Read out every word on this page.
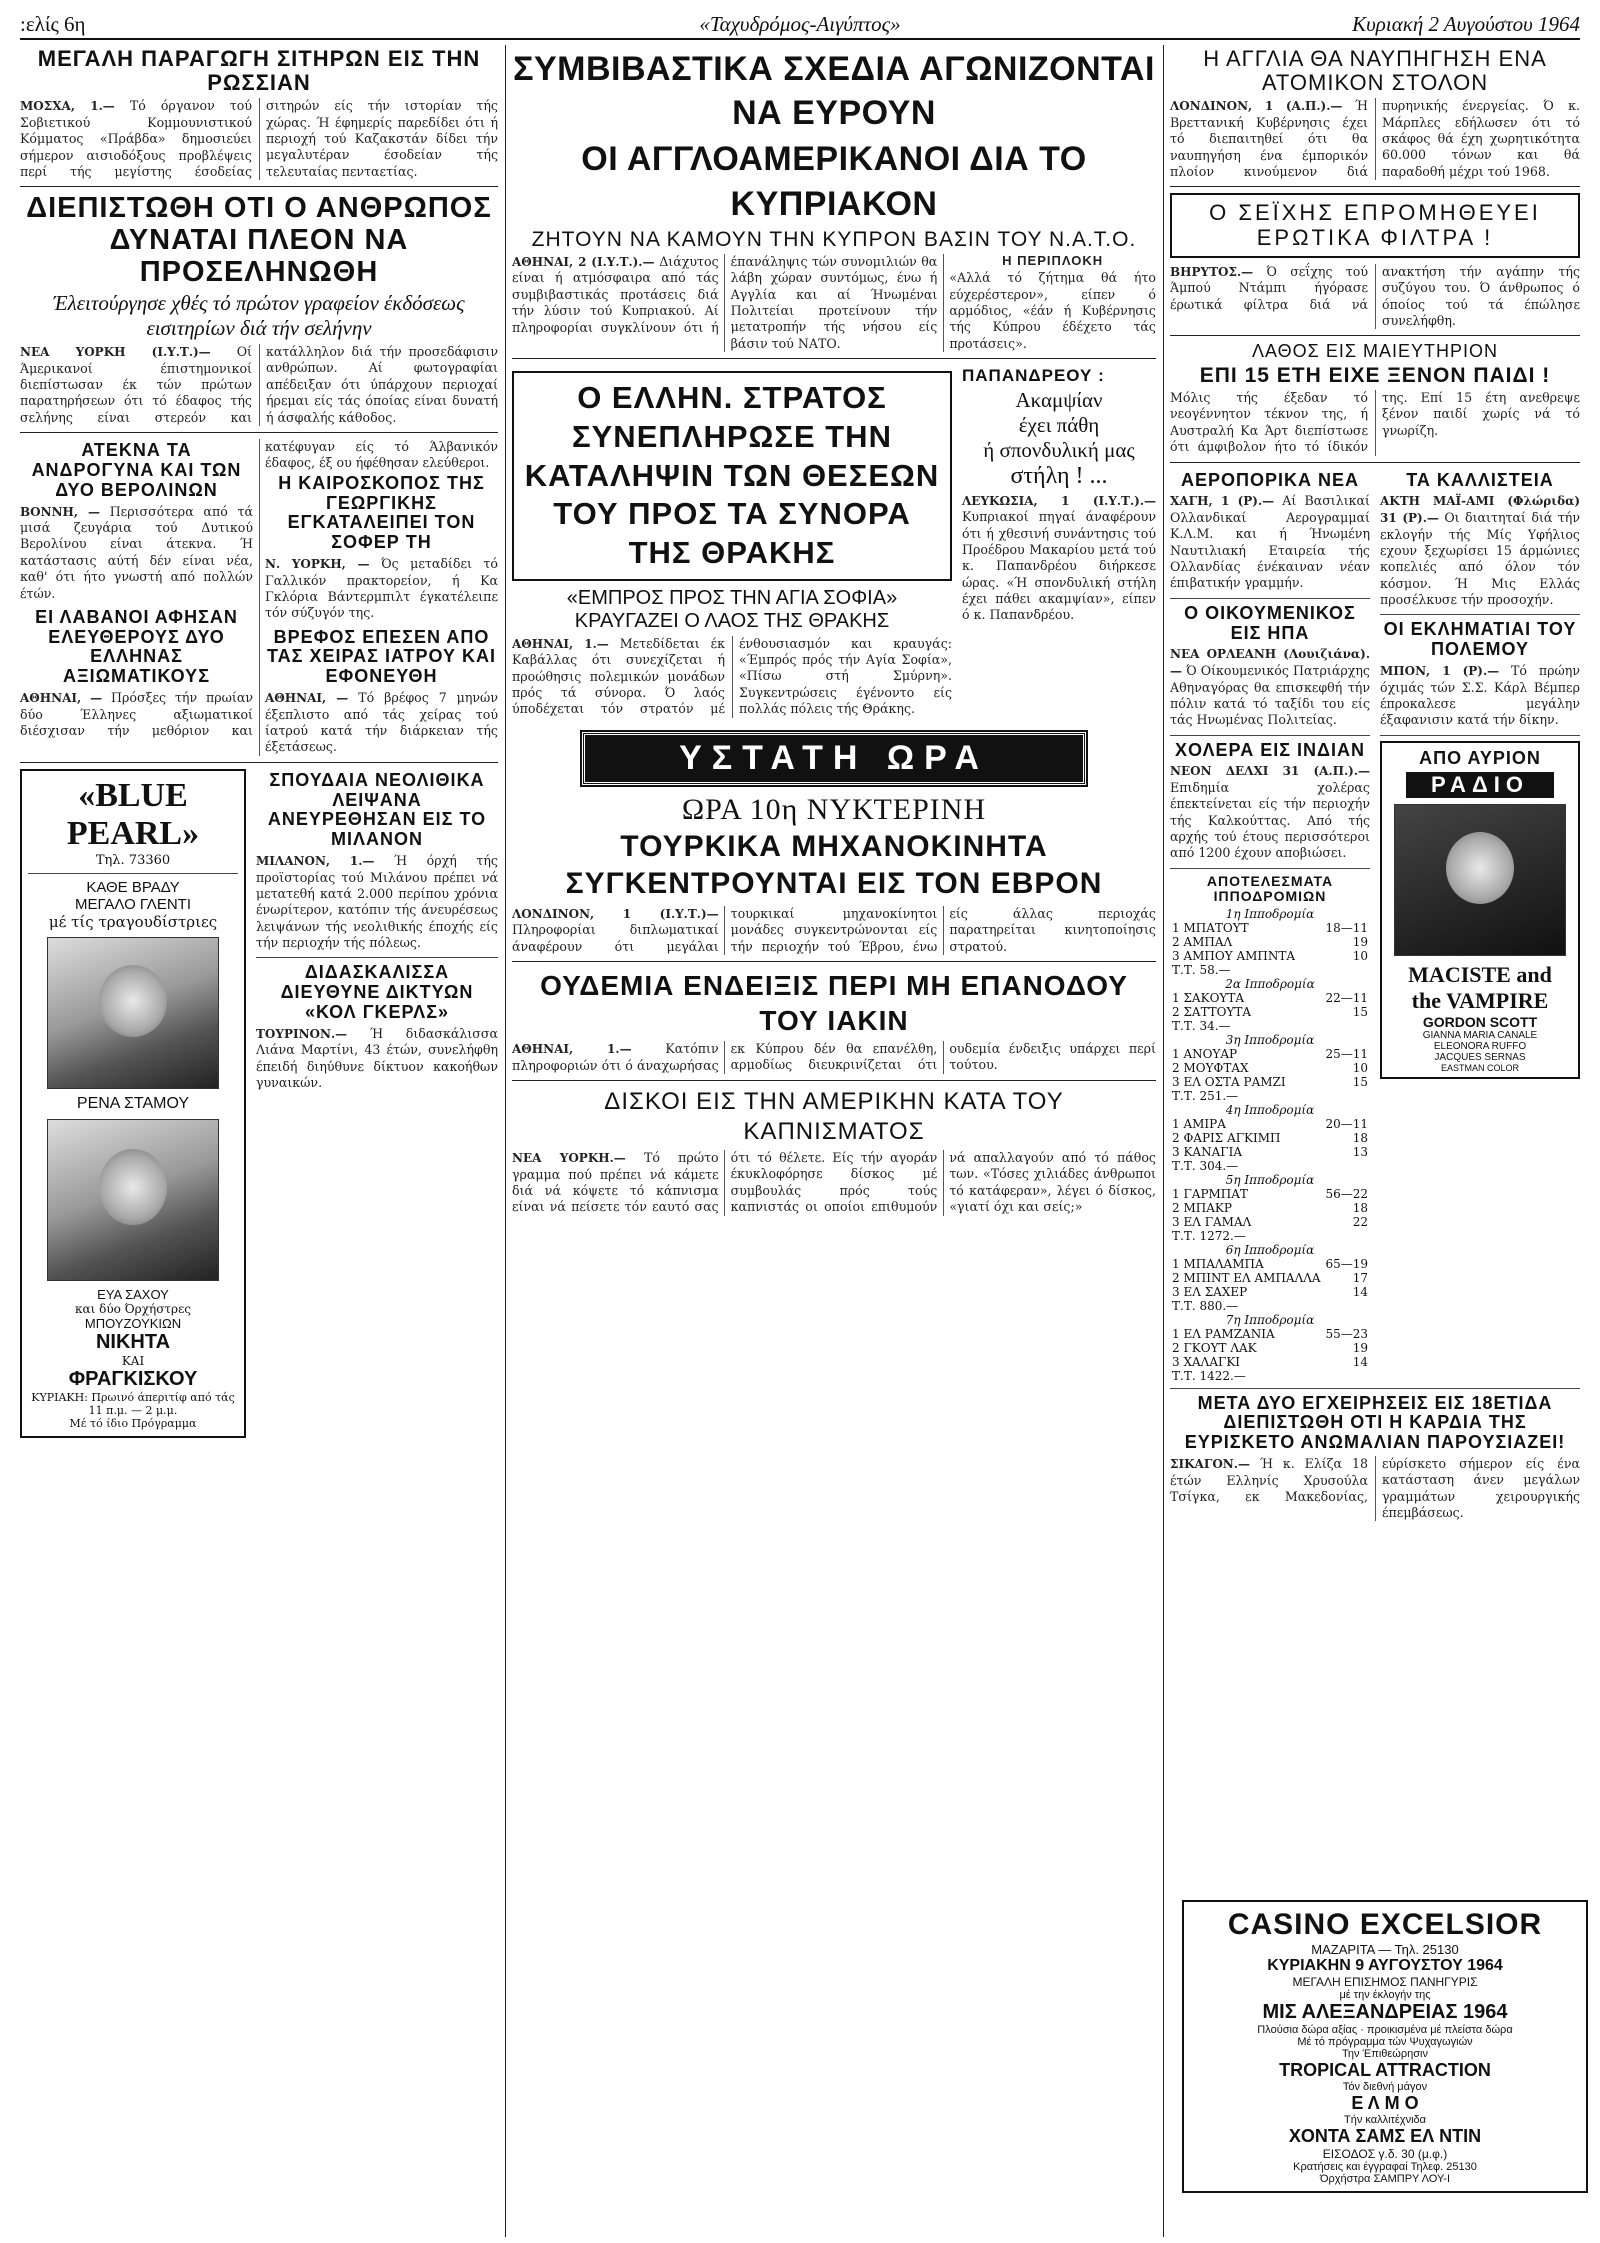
:ελίς 6η	«Ταχυδρόμος-Αιγύπτος»	Κυριακή 2 Αυγούστου 1964
ΜΕΓΑΛΗ ΠΑΡΑΓΩΓΗ ΣΙΤΗΡΩΝ ΕΙΣ ΤΗΝ ΡΩΣΣΙΑΝ
ΜΟΣΧΑ, 1.— Τό όργανον τού Σοβιετικού Κομμουνιστικού Κόμματος «Πράβδα» δημοσιεύει σήμερον αισιοδόξους προβλέψεις περί τής μεγίστης έσοδείας σιτηρών είς τήν ιστορίαν τής χώρας. Ή έφημερίς παρεδίδει ότι ή περιοχή τού Καζακστάν δίδει τήν μεγαλυτέραν έσοδείαν τής τελευταίας πενταετίας.
ΔΙΕΠΙΣΤΩΘΗ ΟΤΙ Ο ΑΝΘΡΩΠΟΣ ΔΥΝΑΤΑΙ ΠΛΕΟΝ ΝΑ ΠΡΟΣΕΛΗΝΩΘΗ
Έλειτούργησε χθές τό πρώτον γραφείον έκδόσεως εισιτηρίων διά τήν σελήνην
ΝΕΑ ΥΟΡΚΗ (Ι.Υ.Τ.)— Οί Άμερικανοί έπιστημονικοί διεπίστωσαν έκ τών πρώτων παρατηρήσεων ότι τό έδαφος τής σελήνης είναι στερεόν και κατάλληλον διά τήν προσεδάφισιν ανθρώπων. Αί φωτογραφίαι απέδειξαν ότι ύπάρχουν περιοχαί ήρεμαι είς τάς όποίας είναι δυνατή ή άσφαλής κάθοδος.
ΑΤΕΚΝΑ ΤΑ ΑΝΔΡΟΓΥΝΑ ΚΑΙ ΤΩΝ ΔΥΟ ΒΕΡΟΛΙΝΩΝ
ΒΟΝΝΗ, — Περισσότερα από τά μισά ζευγάρια τού Δυτικού Βερολίνου είναι άτεκνα. Ή κατάστασις αύτή δέν είναι νέα, καθ' ότι ήτο γνωστή από πολλών έτών.
ΕΙ ΛΑΒΑΝΟΙ ΑΦΗΣΑΝ ΕΛΕΥΘΕΡΟΥΣ ΔΥΟ ΕΛΛΗΝΑΣ ΑΞΙΩΜΑΤΙΚΟΥΣ
ΑΘΗΝΑΙ, — Πρόσξες τήν πρωίαν δύο Έλληνες αξιωματικοί διέσχισαν τήν μεθόριον και κατέφυγαν είς τό Άλβανικόν έδαφος, έξ ου ήφέθησαν ελεύθεροι.
Η ΚΑΙΡΟΣΚΟΠΟΣ ΤΗΣ ΓΕΩΡΓΙΚΗΣ ΕΓΚΑΤΑΛΕΙΠΕΙ ΤΟΝ ΣΟΦΕΡ ΤΗ
Ν. ΥΟΡΚΗ, — Ός μεταδίδει τό Γαλλικόν πρακτορείον, ή Κα Γκλόρια Βάντερμπιλτ έγκατέλειπε τόν σύζυγόν της.
ΒΡΕΦΟΣ ΕΠΕΣΕΝ ΑΠΟ ΤΑΣ ΧΕΙΡΑΣ ΙΑΤΡΟΥ ΚΑΙ ΕΦΟΝΕΥΘΗ
ΑΘΗΝΑΙ, — Τό βρέφος 7 μηνών έξεπλιστο από τάς χείρας τού ίατρού κατά τήν διάρκειαν τής έξετάσεως.
«BLUE PEARL»
Τηλ. 73360
ΚΑΘΕ ΒΡΑΔΥ
ΜΕΓΑΛΟ ΓΛΕΝΤΙ
μέ τίς τραγουδίστριες
ΡΕΝΑ ΣΤΑΜΟΥ
ΕΥΑ ΣΑΧΟΥ
και δύο Όρχήστρες
ΜΠΟΥΖΟΥΚΙΩΝ
ΝΙΚΗΤΑ
ΚΑΙ
ΦΡΑΓΚΙΣΚΟΥ
ΚΥΡΙΑΚΗ: Πρωινό άπεριτίφ από τάς 11 π.μ. — 2 μ.μ.
Μέ τό ίδιο Πρόγραμμα
ΣΠΟΥΔΑΙΑ ΝΕΟΛΙΘΙΚΑ ΛΕΙΨΑΝΑ ΑΝΕΥΡΕΘΗΣΑΝ ΕΙΣ ΤΟ ΜΙΛΑΝΟΝ
ΜΙΛΑΝΟΝ, 1.— Ή όρχή τής προϊστορίας τού Μιλάνου πρέπει νά μετατεθή κατά 2.000 περίπου χρόνια ένωρίτερον, κατόπιν τής άνευρέσεως λειψάνων τής νεολιθικής έποχής είς τήν περιοχήν τής πόλεως.
ΔΙΔΑΣΚΑΛΙΣΣΑ ΔΙΕΥΘΥΝΕ ΔΙΚΤΥΩΝ «ΚΟΛ ΓΚΕΡΛΣ»
ΤΟΥΡΙΝΟΝ.— Ή διδασκάλισσα Λιάνα Μαρτίνι, 43 έτών, συνελήφθη έπειδή διηύθυνε δίκτυον κακοήθων γυναικών.
ΣΥΜΒΙΒΑΣΤΙΚΑ ΣΧΕΔΙΑ ΑΓΩΝΙΖΟΝΤΑΙ ΝΑ ΕΥΡΟΥΝ
ΟΙ ΑΓΓΛΟΑΜΕΡΙΚΑΝΟΙ ΔΙΑ ΤΟ ΚΥΠΡΙΑΚΟΝ
ΖΗΤΟΥΝ ΝΑ ΚΑΜΟΥΝ ΤΗΝ ΚΥΠΡΟΝ ΒΑΣΙΝ ΤΟΥ Ν.Α.Τ.Ο.
ΑΘΗΝΑΙ, 2 (Ι.Υ.Τ.).— Διάχυτος είναι ή ατμόσφαιρα από τάς συμβιβαστικάς προτάσεις διά τήν λύσιν τού Κυπριακού. Αί πληροφορίαι συγκλίνουν ότι ή έπανάληψις τών συνομιλιών θα λάβη χώραν συντόμως, ένω ή Αγγλία και αί Ήνωμέναι Πολιτείαι προτείνουν τήν μετατροπήν τής νήσου είς βάσιν τού ΝΑΤΟ.
Η ΠΕΡΙΠΛΟΚΗ
«Αλλά τό ζήτημα θά ήτο εύχερέστερον», είπεν ό αρμόδιος, «έάν ή Κυβέρνησις τής Κύπρου έδέχετο τάς προτάσεις».
Ο ΕΛΛΗΝ. ΣΤΡΑΤΟΣ ΣΥΝΕΠΛΗΡΩΣΕ ΤΗΝ ΚΑΤΑΛΗΨΙΝ ΤΩΝ ΘΕΣΕΩΝ ΤΟΥ ΠΡΟΣ ΤΑ ΣΥΝΟΡΑ ΤΗΣ ΘΡΑΚΗΣ
«ΕΜΠΡΟΣ ΠΡΟΣ ΤΗΝ ΑΓΙΑ ΣΟΦΙΑ» ΚΡΑΥΓΑΖΕΙ Ο ΛΑΟΣ ΤΗΣ ΘΡΑΚΗΣ
ΑΘΗΝΑΙ, 1.— Μετεδίδεται έκ Καβάλλας ότι συνεχίζεται ή προώθησις πολεμικών μονάδων πρός τά σύνορα. Ό λαός ύποδέχεται τόν στρατόν μέ ένθουσιασμόν και κραυγάς: «Έμπρός πρός τήν Αγία Σοφία», «Πίσω στή Σμύρνη». Συγκεντρώσεις έγένοντο είς πολλάς πόλεις τής Θράκης.
ΠΑΠΑΝΔΡΕΟΥ :
Ακαμψίαν
έχει πάθη
ή σπονδυλική μας
στήλη ! ...
ΛΕΥΚΩΣΙΑ, 1 (Ι.Υ.Τ.).— Κυπριακοί πηγαί άναφέρουν ότι ή χθεσινή συνάντησις τού Προέδρου Μακαρίου μετά τού κ. Παπανδρέου διήρκεσε ώρας. «Ή σπονδυλική στήλη έχει πάθει ακαμψίαν», είπεν ό κ. Παπανδρέου.
ΥΣΤΑΤΗ ΩΡΑ
ΩΡΑ 10η ΝΥΚΤΕΡΙΝΗ
ΤΟΥΡΚΙΚΑ ΜΗΧΑΝΟΚΙΝΗΤΑ ΣΥΓΚΕΝΤΡΟΥΝΤΑΙ ΕΙΣ ΤΟΝ ΕΒΡΟΝ
ΛΟΝΔΙΝΟΝ, 1 (Ι.Υ.Τ.)— Πληροφορίαι διπλωματικαί άναφέρουν ότι μεγάλαι τουρκικαί μηχανοκίνητοι μονάδες συγκεντρώνονται είς τήν περιοχήν τού Έβρου, ένω είς άλλας περιοχάς παρατηρείται κινητοποίησις στρατού.
ΟΥΔΕΜΙΑ ΕΝΔΕΙΞΙΣ ΠΕΡΙ ΜΗ ΕΠΑΝΟΔΟΥ ΤΟΥ ΙΑΚΙΝ
ΑΘΗΝΑΙ, 1.—	Κατόπιν πληροφοριών ότι ό άναχωρήσας εκ Κύπρου δέν θα επανέλθη, αρμοδίως διευκρινίζεται ότι ουδεμία ένδειξις υπάρχει περί τούτου.
ΔΙΣΚΟΙ ΕΙΣ ΤΗΝ ΑΜΕΡΙΚΗΝ ΚΑΤΑ ΤΟΥ ΚΑΠΝΙΣΜΑΤΟΣ
ΝΕΑ ΥΟΡΚΗ.— Τό πρώτο γραμμα πού πρέπει νά κάμετε διά νά κόψετε τό κάπνισμα είναι νά πείσετε τόν εαυτό σας ότι τό θέλετε. Είς τήν αγοράν έκυκλοφόρησε δίσκος μέ συμβουλάς πρός τούς καπνιστάς οι οποίοι επιθυμούν νά απαλλαγούν από τό πάθος των. «Τόσες χιλιάδες άνθρωποι τό κατάφεραν», λέγει ό δίσκος, «γιατί όχι και σείς;»
Η ΑΓΓΛΙΑ ΘΑ ΝΑΥΠΗΓΗΣΗ ΕΝΑ ΑΤΟΜΙΚΟΝ ΣΤΟΛΟΝ
ΛΟΝΔΙΝΟΝ, 1 (Α.Π.).— Ή Βρεττανική Κυβέρνησις έχει τό διεπαιτηθεί ότι θα ναυπηγήση ένα έμπορικόν πλοίον κινούμενον διά πυρηνικής ένεργείας. Ό κ. Μάρπλες εδήλωσεν ότι τό σκάφος θά έχη χωρητικότητα 60.000 τόνων και θά παραδοθή μέχρι τού 1968.
Ο ΣΕΪΧΗΣ ΕΠΡΟΜΗΘΕΥΕΙ ΕΡΩΤΙΚΑ ΦΙΛΤΡΑ !
ΒΗΡΥΤΟΣ.— Ό σεΐχης τού Άμπού Ντάμπι ήγόρασε έρωτικά φίλτρα διά νά ανακτήση τήν αγάπην τής συζύγου του. Ό άνθρωπος ό όποίος τού τά έπώλησε συνελήφθη.
ΛΑΘΟΣ ΕΙΣ ΜΑΙΕΥΤΗΡΙΟΝ
ΕΠΙ 15 ΕΤΗ ΕΙΧΕ ΞΕΝΟΝ ΠΑΙΔΙ !
Μόλις τής έξεδαν τό νεογέννητον τέκνον της, ή Αυστραλή Κα Άρτ διεπίστωσε ότι άμφιβολον ήτο τό ίδικόν της. Επί 15 έτη ανεθρεψε ξένον παιδί χωρίς νά τό γνωρίζη.
ΑΕΡΟΠΟΡΙΚΑ ΝΕΑ
ΧΑΓΗ, 1 (Ρ).— Αί Βασιλικαί Ολλανδικαί Αερογραμμαί Κ.Λ.Μ. και ή Ήνωμένη Ναυτιλιακή Εταιρεία τής Ολλανδίας ένέκαιναν νέαν έπιβατικήν γραμμήν.
Ο ΟΙΚΟΥΜΕΝΙΚΟΣ ΕΙΣ ΗΠΑ
ΝΕΑ ΟΡΛΕΑΝΗ (Λουιζιάνα).— Ό Οίκουμενικός Πατριάρχης Αθηναγόρας θα επισκεφθή τήν πόλιν κατά τό ταξίδι του είς τάς Ηνωμένας Πολιτείας.
ΧΟΛΕΡΑ ΕΙΣ ΙΝΔΙΑΝ
ΝΕΟΝ ΔΕΛΧΙ 31 (Α.Π.).— Επιδημία χολέρας έπεκτείνεται είς τήν περιοχήν τής Καλκούττας. Από τής αρχής τού έτους περισσότεροι από 1200 έχουν αποβιώσει.
ΑΠΟΤΕΛΕΣΜΑΤΑ ΙΠΠΟΔΡΟΜΙΩΝ
1η Ιπποδρομία	
1 ΜΠΑΤΟΥΤ	18—11
2 ΑΜΠΑΛ	19
3 ΑΜΠΟΥ ΑΜΠΝΤΑ	10
Τ.Τ. 58.—	
2α Ιπποδρομία	
1 ΣΑΚΟΥΤΑ	22—11
2 ΣΑΤΤΟΥΤΑ	15
Τ.Τ. 34.—	
3η Ιπποδρομία	
1 ΑΝΟΥΑΡ	25—11
2 ΜΟΥΦΤΑΧ	10
3 ΕΛ ΟΣΤΑ ΡΑΜΖΙ	15
Τ.Τ. 251.—	
4η Ιπποδρομία	
1 ΑΜΙΡΑ	20—11
2 ΦΑΡΙΣ ΑΓΚΙΜΠ	18
3 ΚΑΝΑΓΙΑ	13
Τ.Τ. 304.—	
5η Ιπποδρομία	
1 ΓΑΡΜΠΑΤ	56—22
2 ΜΠΑΚΡ	18
3 ΕΛ ΓΑΜΑΛ	22
Τ.Τ. 1272.—	
6η Ιπποδρομία	
1 ΜΠΑΛΑΜΠΑ	65—19
2 ΜΠΙΝΤ ΕΛ ΑΜΠΑΛΛΑ	17
3 ΕΛ ΣΑΧΕΡ	14
Τ.Τ. 880.—	
7η Ιπποδρομία	
1 ΕΛ ΡΑΜΖΑΝΙΑ	55—23
2 ΓΚΟΥΤ ΛΑΚ	19
3 ΧΑΛΑΓΚΙ	14
Τ.Τ. 1422.—	
ΤΑ ΚΑΛΛΙΣΤΕΙΑ
ΑΚΤΗ ΜΑΪ-ΑΜΙ (Φλώριδα) 31 (Ρ).— Οι διαιτηταί διά τήν εκλογήν τής Μίς Υφήλιος εχουν ξεχωρίσει 15 άρμώνιες κοπελιές από όλον τόν κόσμον. Ή Μις Ελλάς προσέλκυσε τήν προσοχήν.
ΟΙ ΕΚΛΗΜΑΤΙΑΙ ΤΟΥ ΠΟΛΕΜΟΥ
ΜΠΟΝ, 1 (Ρ).— Τό πρώην όχιμάς τών Σ.Σ. Κάρλ Βέμπερ έπροκαλεσε μεγάλην έξαφανισιν κατά τήν δίκην.
ΑΠΟ ΑΥΡΙΟΝ
ΡΑΔΙΟ
MACISTE and
the VAMPIRE
GORDON SCOTT
GIANNA MARIA CANALE
ELEONORA RUFFO
JACQUES SERNAS
EASTMAN COLOR
ΜΕΤΑ ΔΥΟ ΕΓΧΕΙΡΗΣΕΙΣ ΕΙΣ 18ΕΤΙΔΑ ΔΙΕΠΙΣΤΩΘΗ ΟΤΙ Η ΚΑΡΔΙΑ ΤΗΣ ΕΥΡΙΣΚΕΤΟ ΑΝΩΜΑΛΙΑΝ ΠΑΡΟΥΣΙΑΖΕΙ!
ΣΙΚΑΓΟΝ.— Ή κ. Ελίζα 18 έτών Ελληνίς Χρυσούλα Τσίγκα, εκ Μακεδονίας, εύρίσκετο σήμερον είς ένα κατάσταση άνεν μεγάλων γραμμάτων χειρουργικής έπεμβάσεως.
CASINO EXCELSIOR
ΜΑΖΑΡΙΤΑ — Τηλ. 25130
ΚΥΡΙΑΚΗΝ 9 ΑΥΓΟΥΣΤΟΥ 1964
ΜΕΓΑΛΗ ΕΠΙΣΗΜΟΣ ΠΑΝΗΓΥΡΙΣ
μέ την έκλογήν της
ΜΙΣ ΑΛΕΞΑΝΔΡΕΙΑΣ 1964
Πλούσια δώρα αξίας · προικισμένα μέ πλείστα δώρα
Μέ τό πρόγραμμα τών Ψυχαγωγιών
Την Έπιθεώρησιν
TROPICAL ATTRACTION
Τόν διεθνή μάγον
Ε Λ Μ Ο
Τήν καλλιτέχνιδα
ΧΟΝΤΑ ΣΑΜΣ ΕΛ ΝΤΙΝ
ΕΙΣΟΔΟΣ γ.δ. 30 (μ.φ.)
Κρατήσεις και έγγραφαί Τηλεφ. 25130
Όρχήστρα ΣΑΜΠΡΥ ΛΟΥ-Ι
